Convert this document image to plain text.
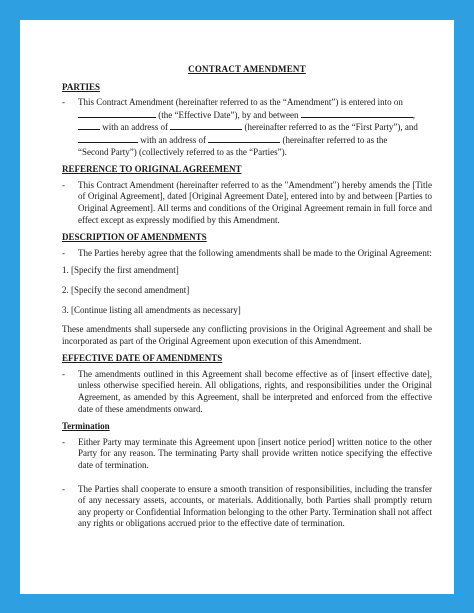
CONTRACT AMENDMENT
PARTIES
- This Contract Amendment (hereinafter referred to as the “Amendment”) is entered into on
(the “Effective Date”), by and between	,
with an address of	(hereinafter referred to as the “First Party”), and
with an address of	(hereinafter referred to as the
“Second Party”) (collectively referred to as the “Parties”).
REFERENCE TO ORIGINAL AGREEMENT
- This Contract Amendment (hereinafter referred to as the "Amendment") hereby amends the [Title of Original Agreement], dated [Original Agreement Date], entered into by and between [Parties to Original Agreement]. All terms and conditions of the Original Agreement remain in full force and effect except as expressly modified by this Amendment.
DESCRIPTION OF AMENDMENTS
- The Parties hereby agree that the following amendments shall be made to the Original Agreement:
1. [Specify the first amendment]
2. [Specify the second amendment]
3. [Continue listing all amendments as necessary]
These amendments shall supersede any conflicting provisions in the Original Agreement and shall be incorporated as part of the Original Agreement upon execution of this Amendment.
EFFECTIVE DATE OF AMENDMENTS
- The amendments outlined in this Agreement shall become effective as of [insert effective date], unless otherwise specified herein. All obligations, rights, and responsibilities under the Original Agreement, as amended by this Agreement, shall be interpreted and enforced from the effective date of these amendments onward.
Termination
- Either Party may terminate this Agreement upon [insert notice period] written notice to the other Party for any reason. The terminating Party shall provide written notice specifying the effective date of termination.
- The Parties shall cooperate to ensure a smooth transition of responsibilities, including the transfer of any necessary assets, accounts, or materials. Additionally, both Parties shall promptly return any property or Confidential Information belonging to the other Party. Termination shall not affect any rights or obligations accrued prior to the effective date of termination.
